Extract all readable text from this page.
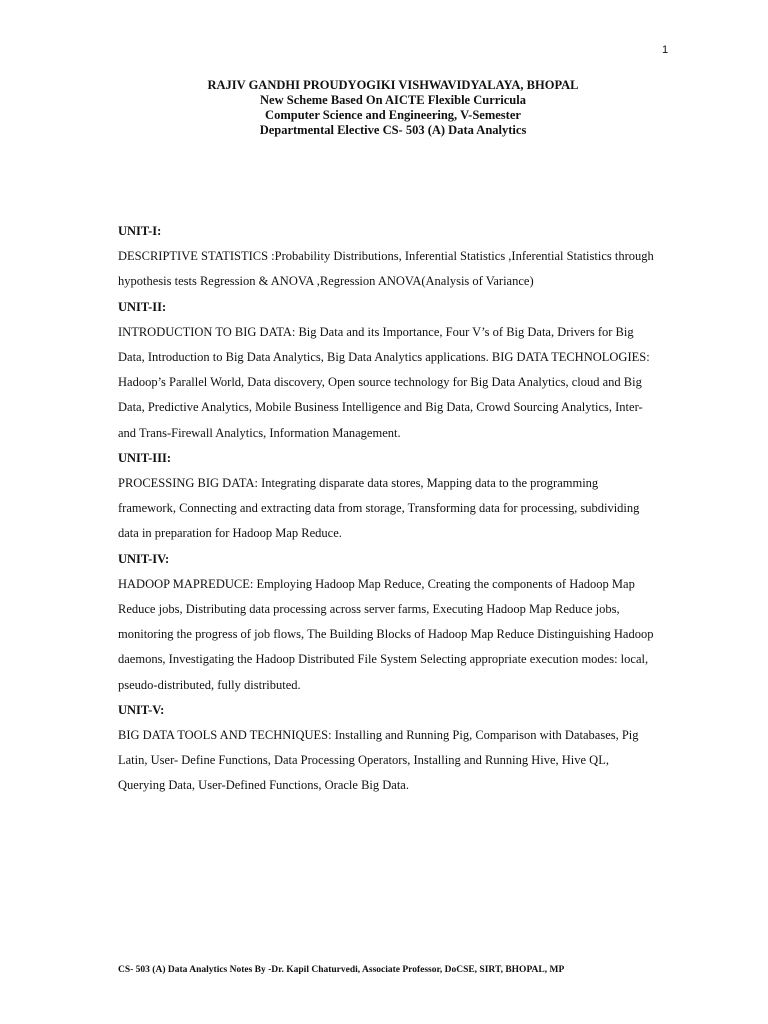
1
RAJIV GANDHI PROUDYOGIKI VISHWAVIDYALAYA, BHOPAL
New Scheme Based On AICTE Flexible Curricula
Computer Science and Engineering, V-Semester
Departmental Elective CS- 503 (A) Data Analytics
UNIT-I:
DESCRIPTIVE STATISTICS :Probability Distributions, Inferential Statistics ,Inferential Statistics through hypothesis tests Regression & ANOVA ,Regression ANOVA(Analysis of Variance)
UNIT-II:
INTRODUCTION TO BIG DATA: Big Data and its Importance, Four V’s of Big Data, Drivers for Big Data, Introduction to Big Data Analytics, Big Data Analytics applications. BIG DATA TECHNOLOGIES: Hadoop’s Parallel World, Data discovery, Open source technology for Big Data Analytics, cloud and Big Data, Predictive Analytics, Mobile Business Intelligence and Big Data, Crowd Sourcing Analytics, Inter- and Trans-Firewall Analytics, Information Management.
UNIT-III:
PROCESSING BIG DATA: Integrating disparate data stores, Mapping data to the programming framework, Connecting and extracting data from storage, Transforming data for processing, subdividing data in preparation for Hadoop Map Reduce.
UNIT-IV:
HADOOP MAPREDUCE: Employing Hadoop Map Reduce, Creating the components of Hadoop Map Reduce jobs, Distributing data processing across server farms, Executing Hadoop Map Reduce jobs, monitoring the progress of job flows, The Building Blocks of Hadoop Map Reduce Distinguishing Hadoop daemons, Investigating the Hadoop Distributed File System Selecting appropriate execution modes: local, pseudo-distributed, fully distributed.
UNIT-V:
BIG DATA TOOLS AND TECHNIQUES: Installing and Running Pig, Comparison with Databases, Pig Latin, User- Define Functions, Data Processing Operators, Installing and Running Hive, Hive QL, Querying Data, User-Defined Functions, Oracle Big Data.
CS- 503 (A) Data Analytics Notes By -Dr. Kapil Chaturvedi, Associate Professor, DoCSE, SIRT, BHOPAL, MP
